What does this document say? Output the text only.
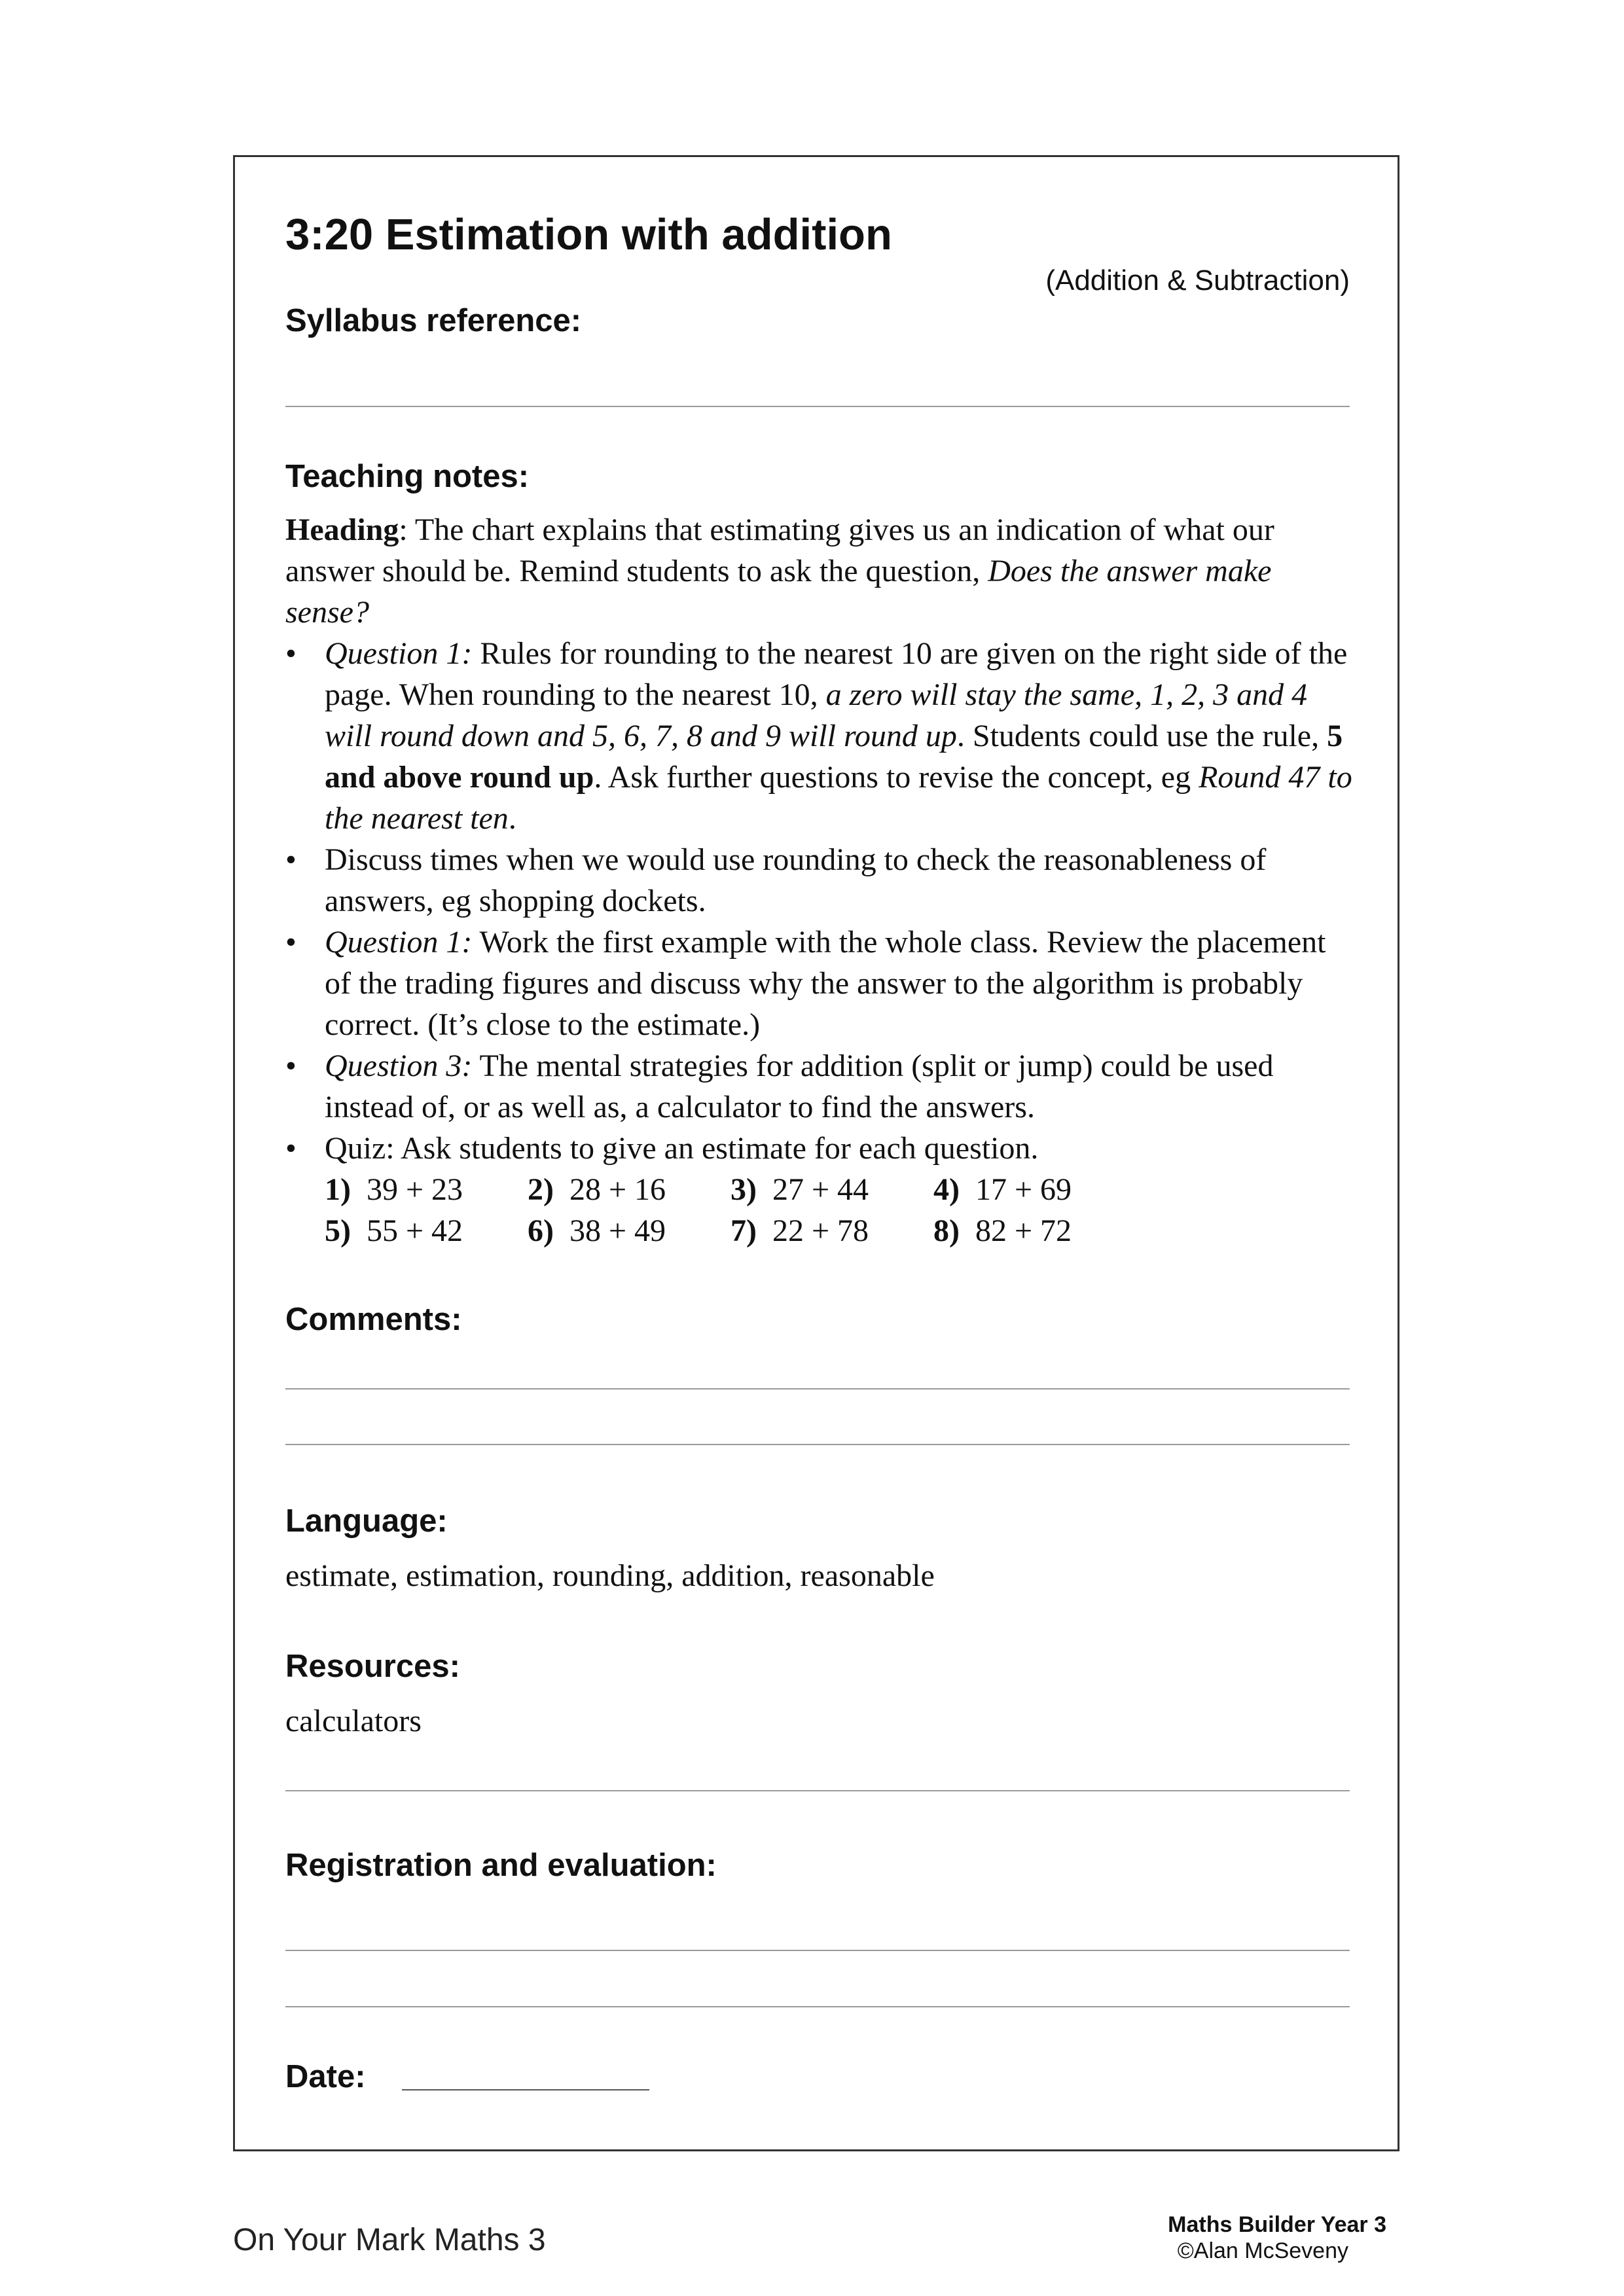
3:20 Estimation with addition
(Addition & Subtraction)
Syllabus reference:
Teaching notes:

Heading: The chart explains that estimating gives us an indication of what our answer should be. Remind students to ask the question, Does the answer make sense?

• Question 1: Rules for rounding to the nearest 10 are given on the right side of the page. When rounding to the nearest 10, a zero will stay the same, 1, 2, 3 and 4 will round down and 5, 6, 7, 8 and 9 will round up. Students could use the rule, 5 and above round up. Ask further questions to revise the concept, eg Round 47 to the nearest ten.
• Discuss times when we would use rounding to check the reasonableness of answers, eg shopping dockets.
• Question 1: Work the first example with the whole class. Review the placement of the trading figures and discuss why the answer to the algorithm is probably correct. (It’s close to the estimate.)
• Question 3: The mental strategies for addition (split or jump) could be used instead of, or as well as, a calculator to find the answers.
• Quiz: Ask students to give an estimate for each question.
1) 39 + 23	2) 28 + 16	3) 27 + 44	4) 17 + 69
5) 55 + 42	6) 38 + 49	7) 22 + 78	8) 82 + 72
Comments:
Language:
estimate, estimation, rounding, addition, reasonable
Resources:
calculators
Registration and evaluation:
Date:
On Your Mark Maths 3	Maths Builder Year 3
©Alan McSeveny
